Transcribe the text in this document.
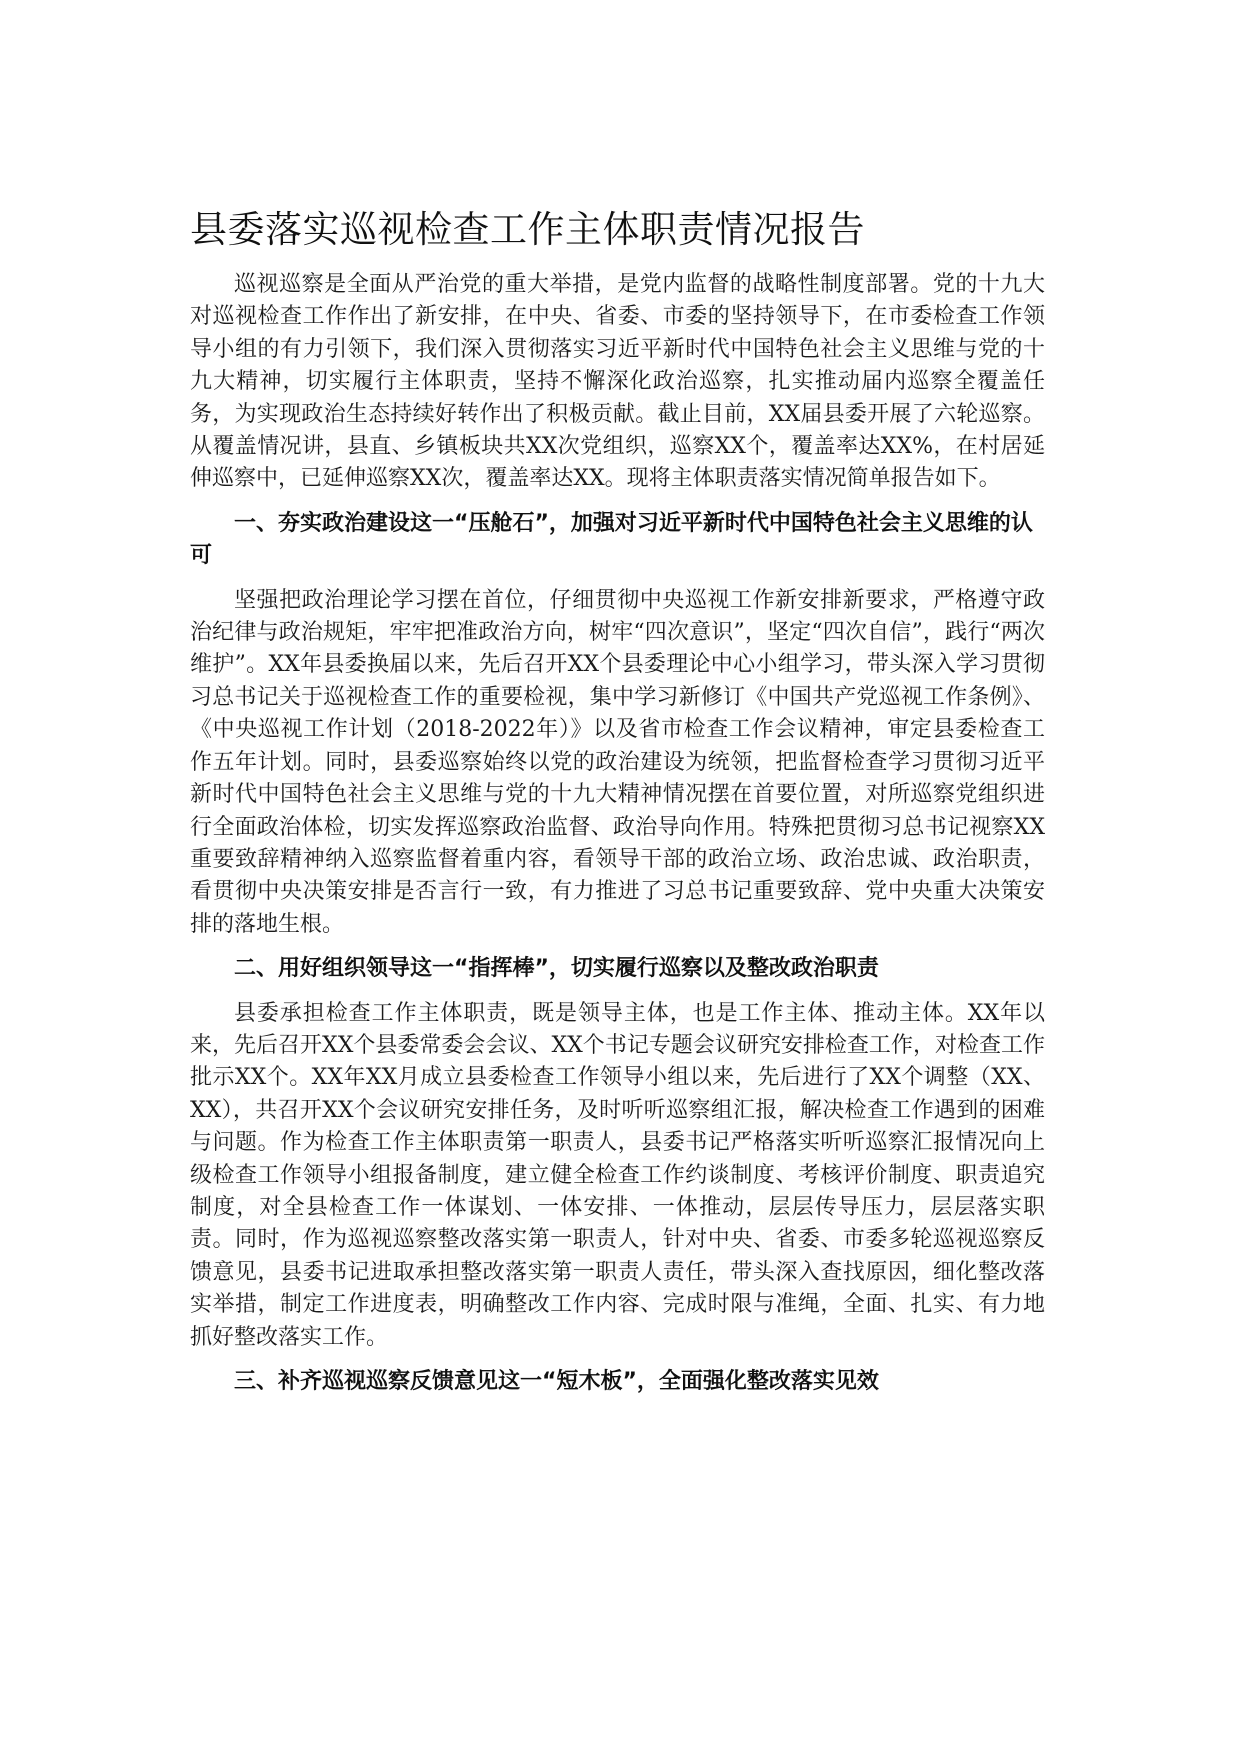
县委落实巡视检查工作主体职责情况报告

巡视巡察是全面从严治党的重大举措，是党内监督的战略性制度部署。党的十九大对巡视检查工作作出了新安排，在中央、省委、市委的坚持领导下，在市委检查工作领导小组的有力引领下，我们深入贯彻落实习近平新时代中国特色社会主义思维与党的十九大精神，切实履行主体职责，坚持不懈深化政治巡察，扎实推动届内巡察全覆盖任务，为实现政治生态持续好转作出了积极贡献。截止目前，XX届县委开展了六轮巡察。从覆盖情况讲，县直、乡镇板块共XX次党组织，巡察XX个，覆盖率达XX%，在村居延伸巡察中，已延伸巡察XX次，覆盖率达XX。现将主体职责落实情况简单报告如下。

一、夯实政治建设这一“压舱石”，加强对习近平新时代中国特色社会主义思维的认可

坚强把政治理论学习摆在首位，仔细贯彻中央巡视工作新安排新要求，严格遵守政治纪律与政治规矩，牢牢把准政治方向，树牢“四次意识”，坚定“四次自信”，践行“两次维护”。XX年县委换届以来，先后召开XX个县委理论中心小组学习，带头深入学习贯彻习总书记关于巡视检查工作的重要检视，集中学习新修订《中国共产党巡视工作条例》、《中央巡视工作计划（2018-2022年）》以及省市检查工作会议精神，审定县委检查工作五年计划。同时，县委巡察始终以党的政治建设为统领，把监督检查学习贯彻习近平新时代中国特色社会主义思维与党的十九大精神情况摆在首要位置，对所巡察党组织进行全面政治体检，切实发挥巡察政治监督、政治导向作用。特殊把贯彻习总书记视察XX重要致辞精神纳入巡察监督着重内容，看领导干部的政治立场、政治忠诚、政治职责，看贯彻中央决策安排是否言行一致，有力推进了习总书记重要致辞、党中央重大决策安排的落地生根。

二、用好组织领导这一“指挥棒”，切实履行巡察以及整改政治职责

县委承担检查工作主体职责，既是领导主体，也是工作主体、推动主体。XX年以来，先后召开XX个县委常委会会议、XX个书记专题会议研究安排检查工作，对检查工作批示XX个。XX年XX月成立县委检查工作领导小组以来，先后进行了XX个调整（XX、XX），共召开XX个会议研究安排任务，及时听听巡察组汇报，解决检查工作遇到的困难与问题。作为检查工作主体职责第一职责人，县委书记严格落实听听巡察汇报情况向上级检查工作领导小组报备制度，建立健全检查工作约谈制度、考核评价制度、职责追究制度，对全县检查工作一体谋划、一体安排、一体推动，层层传导压力，层层落实职责。同时，作为巡视巡察整改落实第一职责人，针对中央、省委、市委多轮巡视巡察反馈意见，县委书记进取承担整改落实第一职责人责任，带头深入查找原因，细化整改落实举措，制定工作进度表，明确整改工作内容、完成时限与准绳，全面、扎实、有力地抓好整改落实工作。

三、补齐巡视巡察反馈意见这一“短木板”，全面强化整改落实见效
